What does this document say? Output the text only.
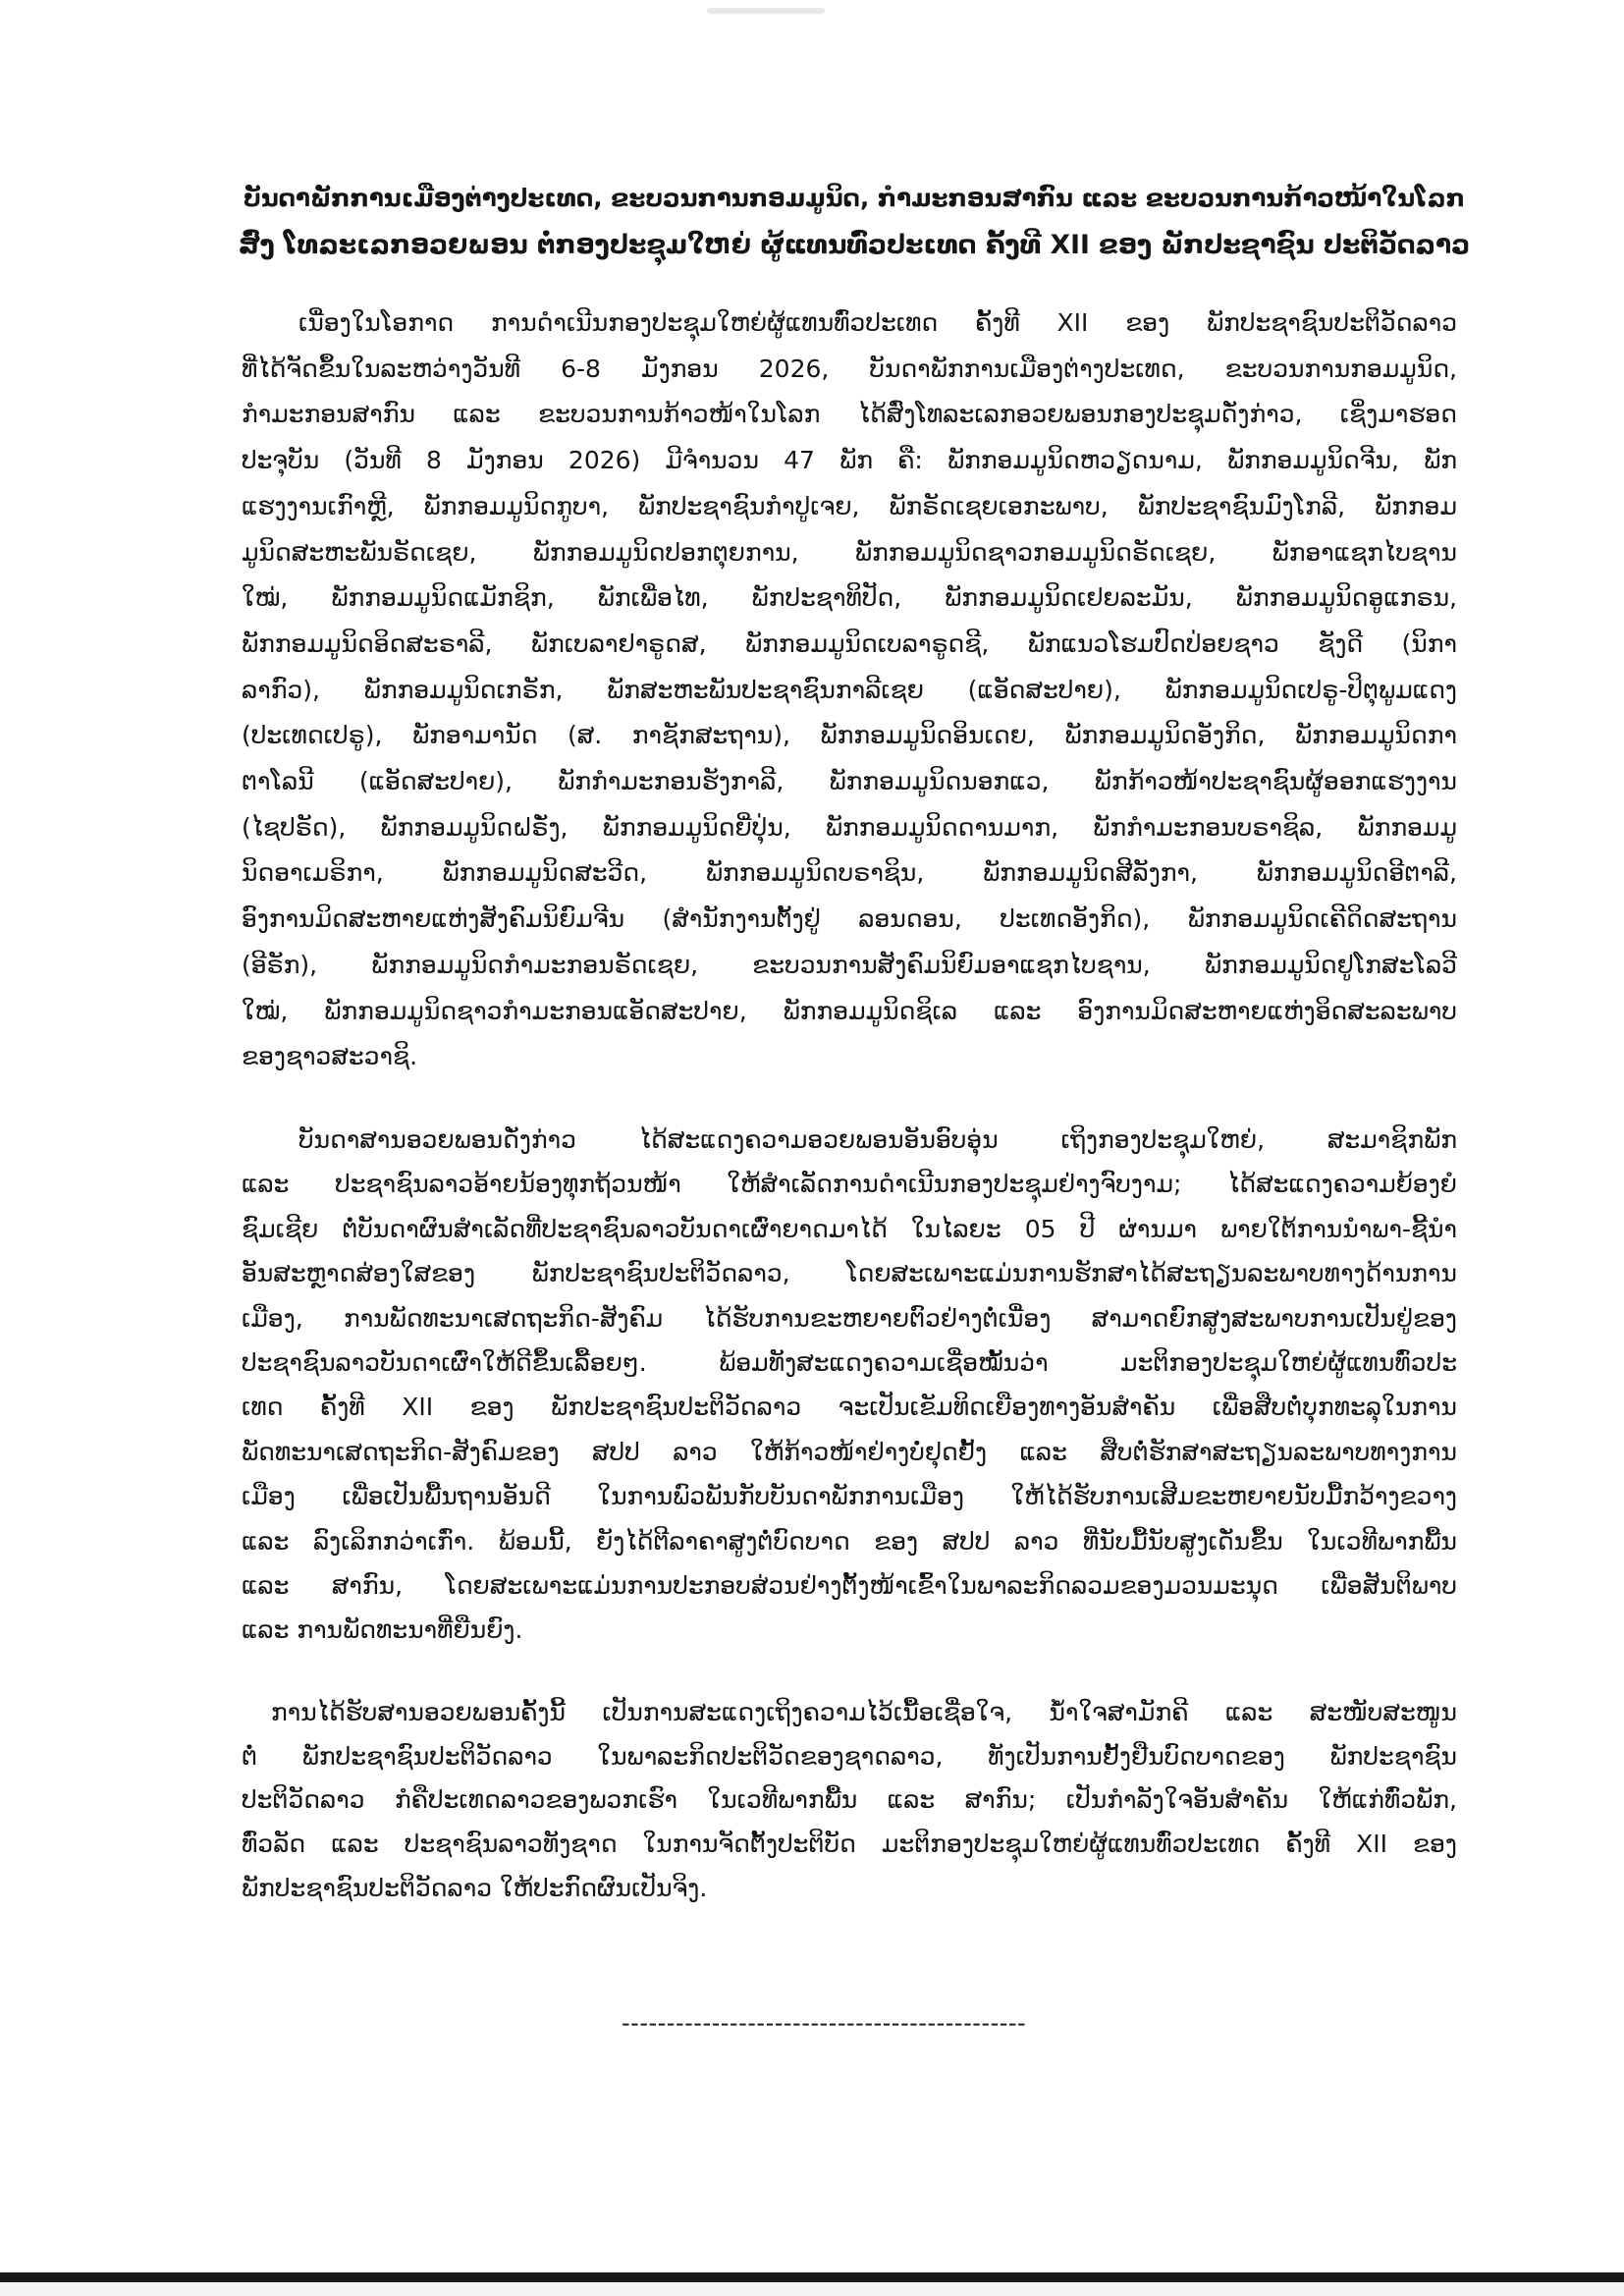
ບັນດາພັກການເມືອງຕ່າງປະເທດ, ຂະບວນການກອມມູນິດ, ກຳມະກອນສາກົນ ແລະ ຂະບວນການກ້າວໜ້າໃນໂລກ
ສົ່ງ ໂທລະເລກອວຍພອນ ຕໍ່ກອງປະຊຸມໃຫຍ່ ຜູ້ແທນທົ່ວປະເທດ ຄັ້ງທີ XII ຂອງ ພັກປະຊາຊົນ ປະຕິວັດລາວ
ເນື່ອງໃນໂອກາດ ການດຳເນີນກອງປະຊຸມໃຫຍ່ຜູ້ແທນທົ່ວປະເທດ ຄັ້ງທີ XII ຂອງ ພັກປະຊາຊົນປະຕິວັດລາວ
ທີ່ໄດ້ຈັດຂຶ້ນໃນລະຫວ່າງວັນທີ 6-8 ມັງກອນ 2026, ບັນດາພັກການເມືອງຕ່າງປະເທດ, ຂະບວນການກອມມູນິດ,
ກຳມະກອນສາກົນ ແລະ ຂະບວນການກ້າວໜ້າໃນໂລກ ໄດ້ສົ່ງໂທລະເລກອວຍພອນກອງປະຊຸມດັ່ງກ່າວ, ເຊິ່ງມາຮອດ
ປະຈຸບັນ (ວັນທີ 8 ມັງກອນ 2026) ມີຈຳນວນ 47 ພັກ ຄື: ພັກກອມມູນິດຫວຽດນາມ, ພັກກອມມູນິດຈີນ, ພັກ
ແຮງງານເກົາຫຼີ, ພັກກອມມູນິດກູບາ, ພັກປະຊາຊົນກຳປູເຈຍ, ພັກຣັດເຊຍເອກະພາບ, ພັກປະຊາຊົນມົງໂກລີ, ພັກກອມ
ມູນິດສະຫະພັນຣັດເຊຍ, ພັກກອມມູນິດປອກຕຸຍການ, ພັກກອມມູນິດຊາວກອມມູນິດຣັດເຊຍ, ພັກອາແຊກໄບຊານ
ໃໝ່, ພັກກອມມູນິດແມັກຊິກ, ພັກເພື່ອໄທ, ພັກປະຊາທິປັດ, ພັກກອມມູນິດເຢຍລະມັນ, ພັກກອມມູນິດອູແກຣນ,
ພັກກອມມູນິດອິດສະຣາລີ, ພັກເບລາຢາຣູດສ, ພັກກອມມູນິດເບລາຣູດຊີ, ພັກແນວໂຮມປົດປ່ອຍຊາວ ຊັງດີ (ນິກາ
ລາກົວ), ພັກກອມມູນິດເກຣັກ, ພັກສະຫະພັນປະຊາຊົນກາລີເຊຍ (ແອັດສະປາຍ), ພັກກອມມູນິດເປຣູ-ປິຕຸພູມແດງ
(ປະເທດເປຣູ), ພັກອາມານັດ (ສ. ກາຊັກສະຖານ), ພັກກອມມູນິດອິນເດຍ, ພັກກອມມູນິດອັງກິດ, ພັກກອມມູນິດກາ
ຕາໂລນີ (ແອັດສະປາຍ), ພັກກຳມະກອນຮັງກາລີ, ພັກກອມມູນິດນອກແວ, ພັກກ້າວໜ້າປະຊາຊົນຜູ້ອອກແຮງງານ
(ໄຊປຣັດ), ພັກກອມມູນິດຝຣັ່ງ, ພັກກອມມູນິດຍີ່ປຸ່ນ, ພັກກອມມູນິດດານມາກ, ພັກກຳມະກອນບຣາຊິລ, ພັກກອມມູ
ນິດອາເມຣິກາ, ພັກກອມມູນິດສະວີດ, ພັກກອມມູນິດບຣາຊິນ, ພັກກອມມູນິດສີລັງກາ, ພັກກອມມູນິດອີຕາລີ,
ອົງການມິດສະຫາຍແຫ່ງສັງຄົມນິຍົມຈີນ (ສຳນັກງານຕັ້ງຢູ່ ລອນດອນ, ປະເທດອັງກິດ), ພັກກອມມູນິດເຄີດິດສະຖານ
(ອີຣັກ), ພັກກອມມູນິດກຳມະກອນຣັດເຊຍ, ຂະບວນການສັງຄົມນິຍົມອາແຊກໄບຊານ, ພັກກອມມູນິດຢູໂກສະໂລວີ
ໃໝ່, ພັກກອມມູນິດຊາວກຳມະກອນແອັດສະປາຍ, ພັກກອມມູນິດຊິເລ ແລະ ອົງການມິດສະຫາຍແຫ່ງອິດສະລະພາບ
ຂອງຊາວສະວາຊິ.
ບັນດາສານອວຍພອນດັ່ງກ່າວ ໄດ້ສະແດງຄວາມອວຍພອນອັນອົບອຸ່ນ ເຖິງກອງປະຊຸມໃຫຍ່, ສະມາຊິກພັກ
ແລະ ປະຊາຊົນລາວອ້າຍນ້ອງທຸກຖ້ວນໜ້າ ໃຫ້ສຳເລັດການດຳເນີນກອງປະຊຸມຢ່າງຈົບງາມ; ໄດ້ສະແດງຄວາມຍ້ອງຍໍ
ຊົມເຊີຍ ຕໍ່ບັນດາຜົນສຳເລັດທີ່ປະຊາຊົນລາວບັນດາເຜົ່າຍາດມາໄດ້ ໃນໄລຍະ 05 ປີ ຜ່ານມາ ພາຍໃຕ້ການນຳພາ-ຊີ້ນຳ
ອັນສະຫຼາດສ່ອງໃສຂອງ ພັກປະຊາຊົນປະຕິວັດລາວ, ໂດຍສະເພາະແມ່ນການຮັກສາໄດ້ສະຖຽນລະພາບທາງດ້ານການ
ເມືອງ, ການພັດທະນາເສດຖະກິດ-ສັງຄົມ ໄດ້ຮັບການຂະຫຍາຍຕົວຢ່າງຕໍ່ເນື່ອງ ສາມາດຍົກສູງສະພາບການເປັນຢູ່ຂອງ
ປະຊາຊົນລາວບັນດາເຜົ່າໃຫ້ດີຂຶ້ນເລື້ອຍໆ. ພ້ອມທັງສະແດງຄວາມເຊື່ອໝັ້ນວ່າ ມະຕິກອງປະຊຸມໃຫຍ່ຜູ້ແທນທົ່ວປະ
ເທດ ຄັ້ງທີ XII ຂອງ ພັກປະຊາຊົນປະຕິວັດລາວ ຈະເປັນເຂັມທິດເຍືອງທາງອັນສຳຄັນ ເພື່ອສືບຕໍ່ບຸກທະລຸໃນການ
ພັດທະນາເສດຖະກິດ-ສັງຄົມຂອງ ສປປ ລາວ ໃຫ້ກ້າວໜ້າຢ່າງບໍ່ຢຸດຢັ້ງ ແລະ ສືບຕໍ່ຮັກສາສະຖຽນລະພາບທາງການ
ເມືອງ ເພື່ອເປັນພື້ນຖານອັນດີ ໃນການພົວພັນກັບບັນດາພັກການເມືອງ ໃຫ້ໄດ້ຮັບການເສີມຂະຫຍາຍນັບມື້ກວ້າງຂວາງ
ແລະ ລົງເລິກກວ່າເກົ່າ. ພ້ອມນີ້, ຍັງໄດ້ຕີລາຄາສູງຕໍ່ບົດບາດ ຂອງ ສປປ ລາວ ທີ່ນັບມື້ນັບສູງເດັ່ນຂຶ້ນ ໃນເວທີພາກພື້ນ
ແລະ ສາກົນ, ໂດຍສະເພາະແມ່ນການປະກອບສ່ວນຢ່າງຕັ້ງໜ້າເຂົ້າໃນພາລະກິດລວມຂອງມວນມະນຸດ ເພື່ອສັນຕິພາບ
ແລະ ການພັດທະນາທີ່ຍືນຍົງ.
ການໄດ້ຮັບສານອວຍພອນຄັ້ງນີ້ ເປັນການສະແດງເຖິງຄວາມໄວ້ເນື້ອເຊື່ອໃຈ, ນ້ຳໃຈສາມັກຄີ ແລະ ສະໜັບສະໜູນ
ຕໍ່ ພັກປະຊາຊົນປະຕິວັດລາວ ໃນພາລະກິດປະຕິວັດຂອງຊາດລາວ, ທັງເປັນການຢັ້ງຢືນບົດບາດຂອງ ພັກປະຊາຊົນ
ປະຕິວັດລາວ ກໍຄືປະເທດລາວຂອງພວກເຮົາ ໃນເວທີພາກພື້ນ ແລະ ສາກົນ; ເປັນກຳລັງໃຈອັນສຳຄັນ ໃຫ້ແກ່ທົ່ວພັກ,
ທົ່ວລັດ ແລະ ປະຊາຊົນລາວທັງຊາດ ໃນການຈັດຕັ້ງປະຕິບັດ ມະຕິກອງປະຊຸມໃຫຍ່ຜູ້ແທນທົ່ວປະເທດ ຄັ້ງທີ XII ຂອງ
ພັກປະຊາຊົນປະຕິວັດລາວ ໃຫ້ປະກົດຜົນເປັນຈິງ.
---------------------------------------------
